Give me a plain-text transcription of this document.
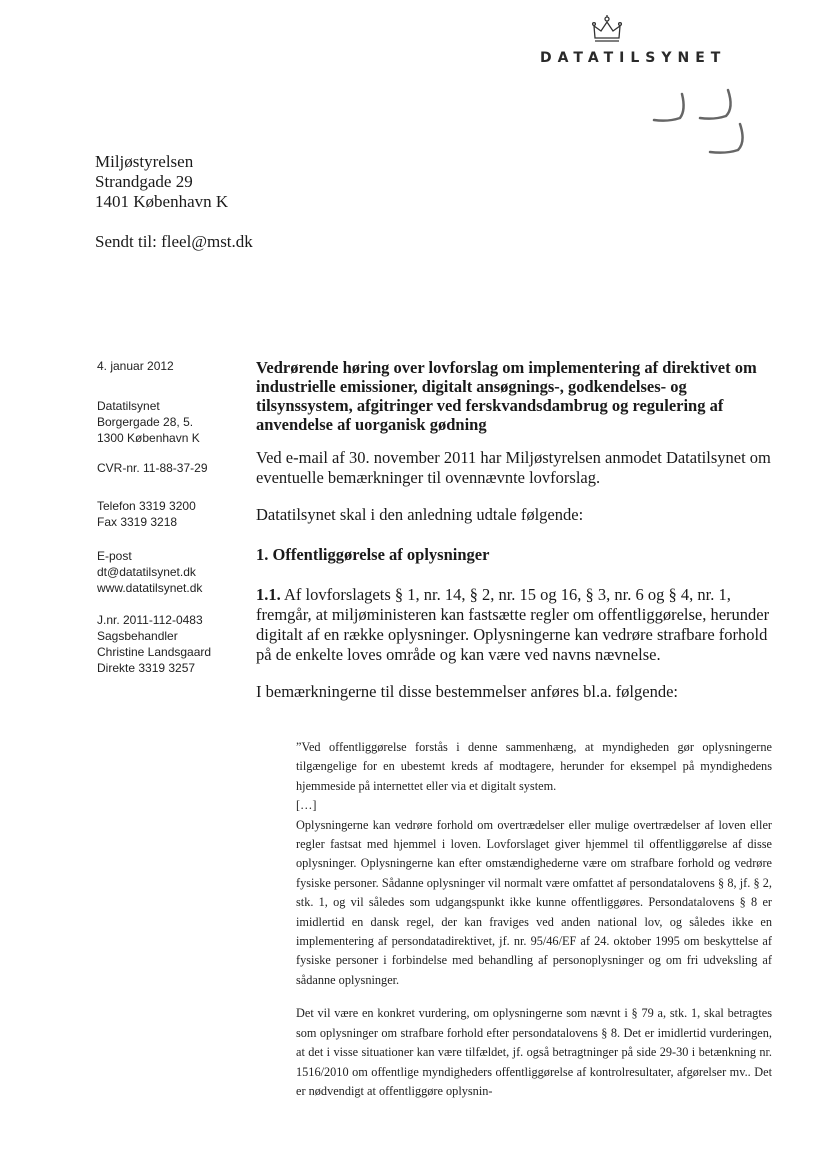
DATATILSYNET
Miljøstyrelsen
Strandgade 29
1401 København K
Sendt til: fleel@mst.dk
4. januar 2012
Datatilsynet
Borgergade 28, 5.
1300 København K
CVR-nr. 11-88-37-29
Telefon 3319 3200
Fax 3319 3218
E-post
dt@datatilsynet.dk
www.datatilsynet.dk
J.nr. 2011-112-0483
Sagsbehandler
Christine Landsgaard
Direkte 3319 3257

Vedrørende høring over lovforslag om implementering af direktivet om industrielle emissioner, digitalt ansøgnings-, godkendelses- og tilsynssystem, afgitringer ved ferskvandsdambrug og regulering af anvendelse af uorganisk gødning

Ved e-mail af 30. november 2011 har Miljøstyrelsen anmodet Datatilsynet om eventuelle bemærkninger til ovennævnte lovforslag.

Datatilsynet skal i den anledning udtale følgende:

1. Offentliggørelse af oplysninger

1.1. Af lovforslagets § 1, nr. 14, § 2, nr. 15 og 16, § 3, nr. 6 og § 4, nr. 1, fremgår, at miljøministeren kan fastsætte regler om offentliggørelse, herunder digitalt af en række oplysninger. Oplysningerne kan vedrøre strafbare forhold på de enkelte loves område og kan være ved navns nævnelse.

I bemærkningerne til disse bestemmelser anføres bl.a. følgende:

”Ved offentliggørelse forstås i denne sammenhæng, at myndigheden gør oplysningerne tilgængelige for en ubestemt kreds af modtagere, herunder for eksempel på myndighedens hjemmeside på internettet eller via et digitalt system.

[…]

Oplysningerne kan vedrøre forhold om overtrædelser eller mulige overtrædelser af loven eller regler fastsat med hjemmel i loven. Lovforslaget giver hjemmel til offentliggørelse af disse oplysninger. Oplysningerne kan efter omstændighederne være om strafbare forhold og vedrøre fysiske personer. Sådanne oplysninger vil normalt være omfattet af persondatalovens § 8, jf. § 2, stk. 1, og vil således som udgangspunkt ikke kunne offentliggøres. Persondatalovens § 8 er imidlertid en dansk regel, der kan fraviges ved anden national lov, og således ikke en implementering af persondatadirektivet, jf. nr. 95/46/EF af 24. oktober 1995 om beskyttelse af fysiske personer i forbindelse med behandling af personoplysninger og om fri udveksling af sådanne oplysninger.

Det vil være en konkret vurdering, om oplysningerne som nævnt i § 79 a, stk. 1, skal betragtes som oplysninger om strafbare forhold efter persondatalovens § 8. Det er imidlertid vurderingen, at det i visse situationer kan være tilfældet, jf. også betragtninger på side 29-30 i betænkning nr. 1516/2010 om offentlige myndigheders offentliggørelse af kontrolresultater, afgørelser mv.. Det er nødvendigt at offentliggøre oplysnin-
